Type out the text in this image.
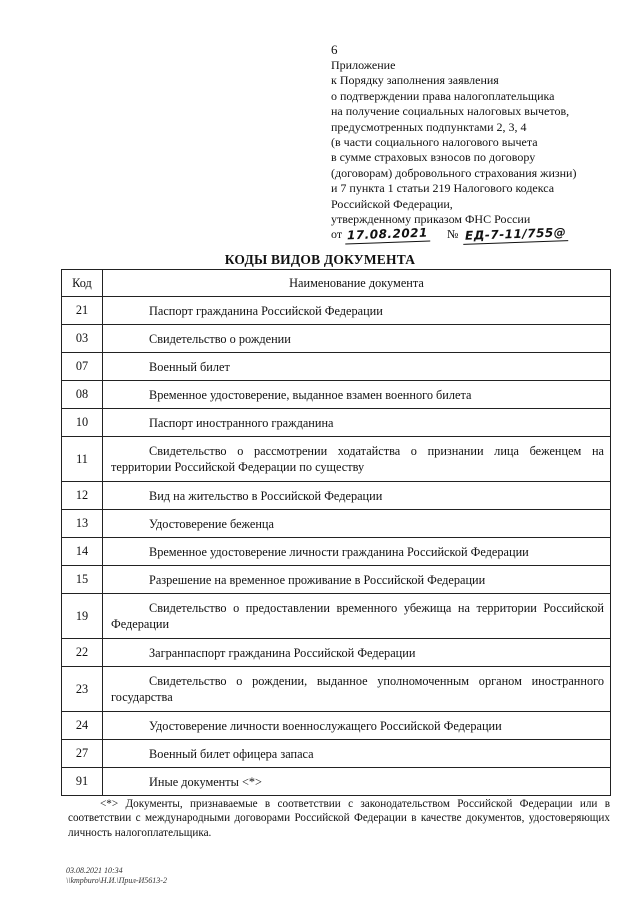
6
Приложение
к Порядку заполнения заявления
о подтверждении права налогоплательщика
на получение социальных налоговых вычетов,
предусмотренных подпунктами 2, 3, 4
(в части социального налогового вычета
в сумме страховых взносов по договору
(договорам) добровольного страхования жизни)
и 7 пункта 1 статьи 219 Налогового кодекса
Российской Федерации,
утвержденному приказом ФНС России
от 17.08.2021 № ЕД-7-11/755@
КОДЫ ВИДОВ ДОКУМЕНТА
Код	Наименование документа
21	Паспорт гражданина Российской Федерации
03	Свидетельство о рождении
07	Военный билет
08	Временное удостоверение, выданное взамен военного билета
10	Паспорт иностранного гражданина
11	Свидетельство о рассмотрении ходатайства о признании лица беженцем на территории Российской Федерации по существу
12	Вид на жительство в Российской Федерации
13	Удостоверение беженца
14	Временное удостоверение личности гражданина Российской Федерации
15	Разрешение на временное проживание в Российской Федерации
19	Свидетельство о предоставлении временного убежища на территории Российской Федерации
22	Загранпаспорт гражданина Российской Федерации
23	Свидетельство о рождении, выданное уполномоченным органом иностранного государства
24	Удостоверение личности военнослужащего Российской Федерации
27	Военный билет офицера запаса
91	Иные документы <*>
<*> Документы, признаваемые в соответствии с законодательством Российской Федерации или в соответствии с международными договорами Российской Федерации в качестве документов, удостоверяющих личность налогоплательщика.
03.08.2021 10:34
\\kmpburo\Н.И.\Прил-И5613-2
